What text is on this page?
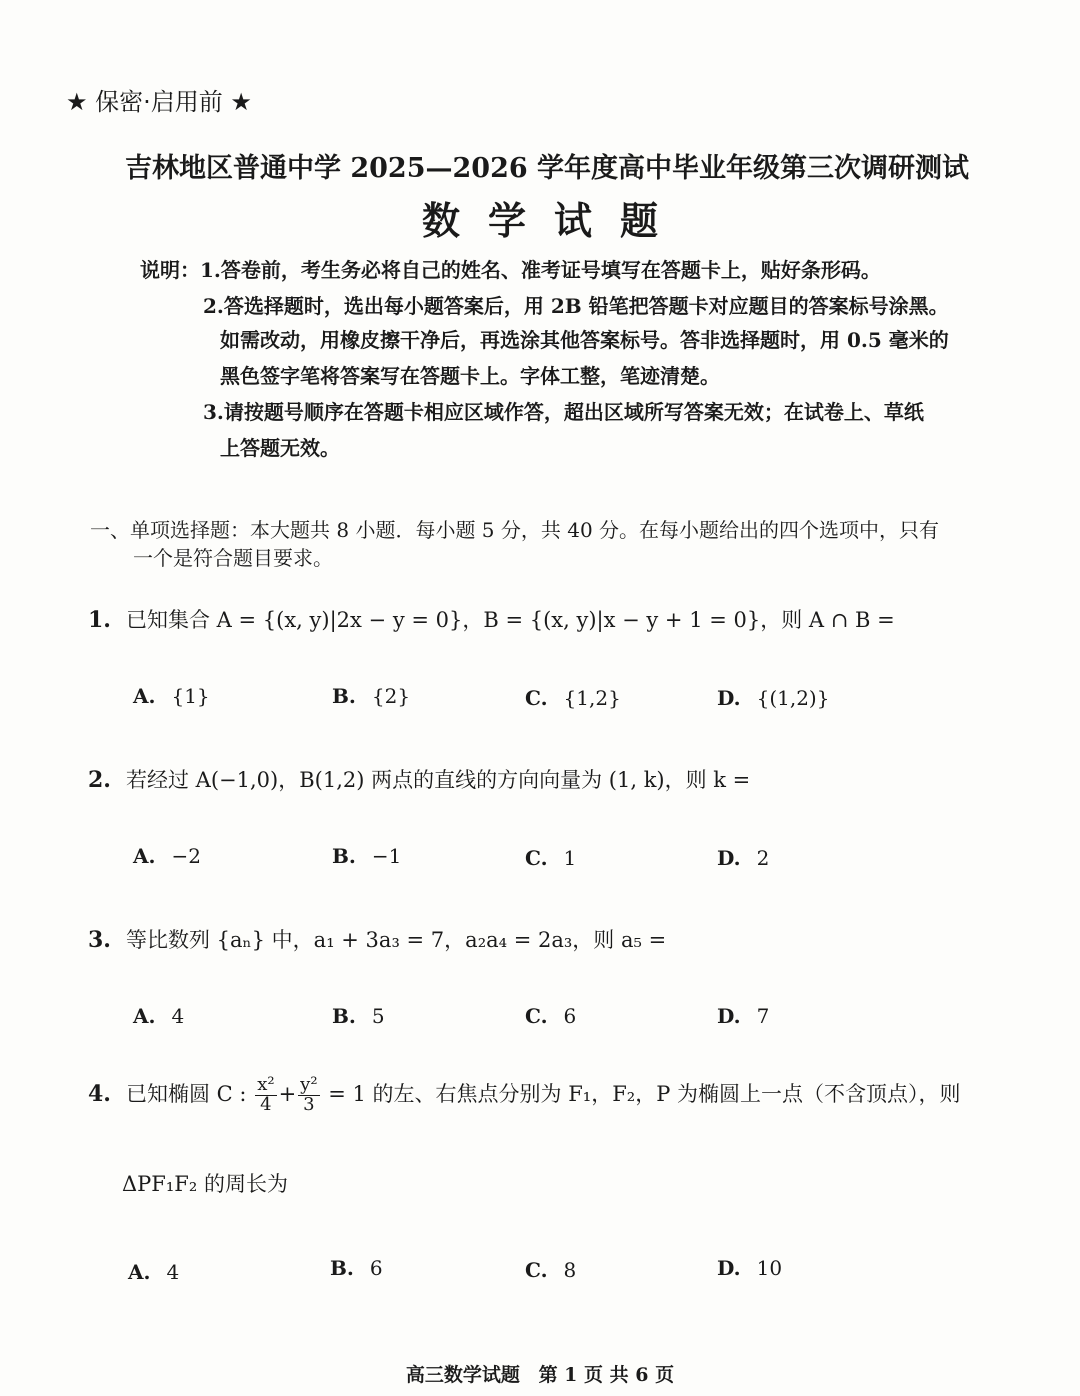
★ 保密·启用前 ★
吉林地区普通中学 2025—2026 学年度高中毕业年级第三次调研测试
数学试题
说明：1.答卷前，考生务必将自己的姓名、准考证号填写在答题卡上，贴好条形码。
2.答选择题时，选出每小题答案后，用 2B 铅笔把答题卡对应题目的答案标号涂黑。
如需改动，用橡皮擦干净后，再选涂其他答案标号。答非选择题时，用 0.5 毫米的
黑色签字笔将答案写在答题卡上。字体工整，笔迹清楚。
3.请按题号顺序在答题卡相应区域作答，超出区域所写答案无效；在试卷上、草纸
上答题无效。
一、单项选择题：本大题共 8 小题．每小题 5 分，共 40 分。在每小题给出的四个选项中，只有
一个是符合题目要求。
1. 已知集合 A = {(x, y)|2x − y = 0}，B = {(x, y)|x − y + 1 = 0}，则 A ∩ B =
A. {1}	B. {2}	C. {1,2}	D. {(1,2)}
2. 若经过 A(−1,0)，B(1,2) 两点的直线的方向向量为 (1, k)，则 k =
A. −2	B. −1	C. 1	D. 2
3. 等比数列 {aₙ} 中，a₁ + 3a₃ = 7，a₂a₄ = 2a₃，则 a₅ =
A. 4	B. 5	C. 6	D. 7
4. 已知椭圆 C : $\frac{\text{x²}}{4} + \frac{\text{y²}}{3} = 1$ 的左、右焦点分别为 F₁，F₂，P 为椭圆上一点（不含顶点），则
ΔPF₁F₂ 的周长为
A. 4	B. 6	C. 8	D. 10
高三数学试题 第 1 页 共 6 页
